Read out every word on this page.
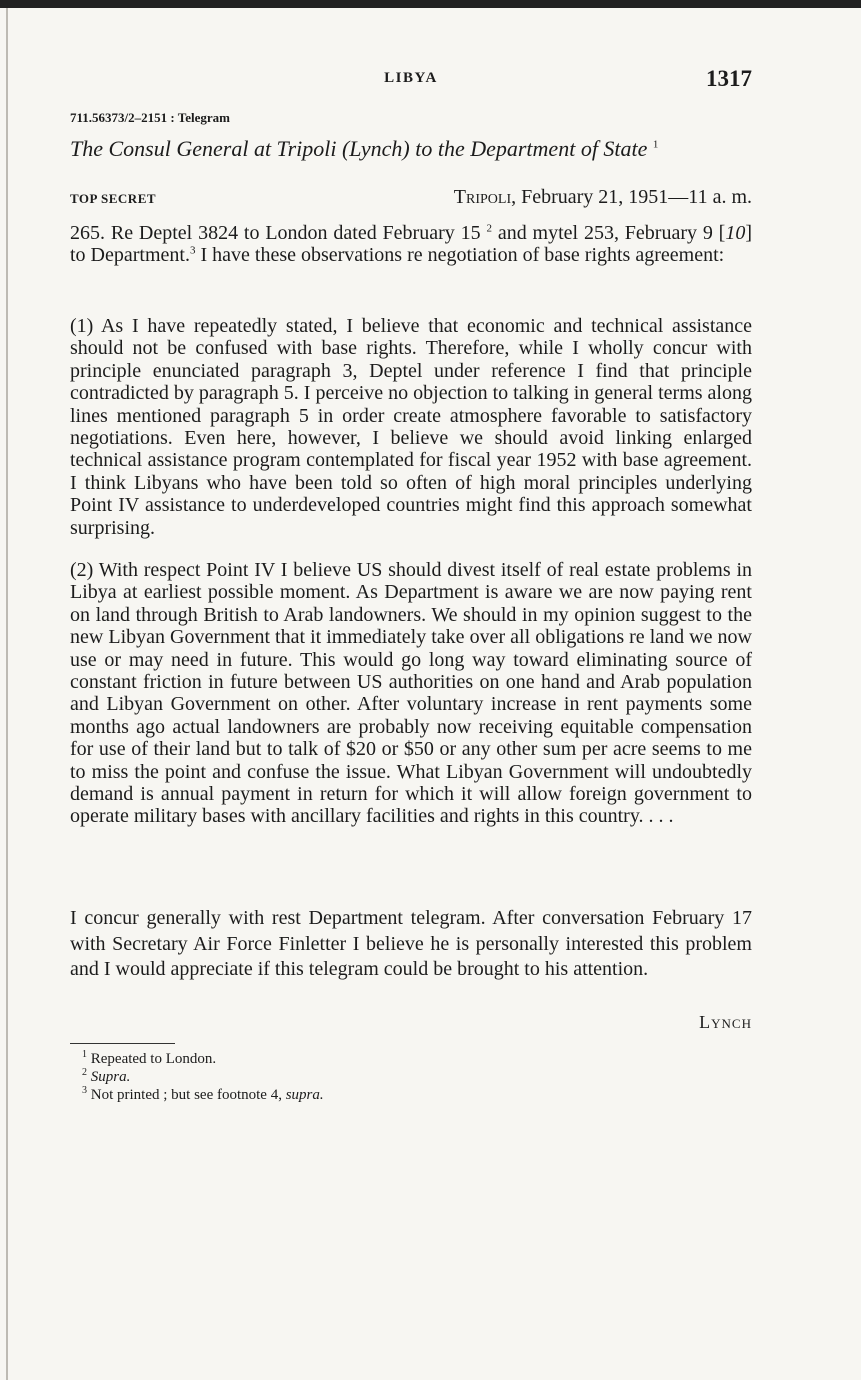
LIBYA	1317
711.56373/2–2151 : Telegram
The Consul General at Tripoli (Lynch) to the Department of State $^1$
TOP SECRET	Tripoli, February 21, 1951—11 a. m.
265. Re Deptel 3824 to London dated February 15 $^2$ and mytel 253, February 9 [10] to Department.$^3$ I have these observations re negotiation of base rights agreement:
(1) As I have repeatedly stated, I believe that economic and technical assistance should not be confused with base rights. Therefore, while I wholly concur with principle enunciated paragraph 3, Deptel under reference I find that principle contradicted by paragraph 5. I perceive no objection to talking in general terms along lines mentioned paragraph 5 in order create atmosphere favorable to satisfactory negotiations. Even here, however, I believe we should avoid linking enlarged technical assistance program contemplated for fiscal year 1952 with base agreement. I think Libyans who have been told so often of high moral principles underlying Point IV assistance to underdeveloped countries might find this approach somewhat surprising.
(2) With respect Point IV I believe US should divest itself of real estate problems in Libya at earliest possible moment. As Department is aware we are now paying rent on land through British to Arab landowners. We should in my opinion suggest to the new Libyan Government that it immediately take over all obligations re land we now use or may need in future. This would go long way toward eliminating source of constant friction in future between US authorities on one hand and Arab population and Libyan Government on other. After voluntary increase in rent payments some months ago actual landowners are probably now receiving equitable compensation for use of their land but to talk of $20 or $50 or any other sum per acre seems to me to miss the point and confuse the issue. What Libyan Government will undoubtedly demand is annual payment in return for which it will allow foreign government to operate military bases with ancillary facilities and rights in this country. . . .
I concur generally with rest Department telegram. After conversation February 17 with Secretary Air Force Finletter I believe he is personally interested this problem and I would appreciate if this telegram could be brought to his attention.
Lynch
$^1$ Repeated to London.
$^2$ Supra.
$^3$ Not printed ; but see footnote 4, supra.
